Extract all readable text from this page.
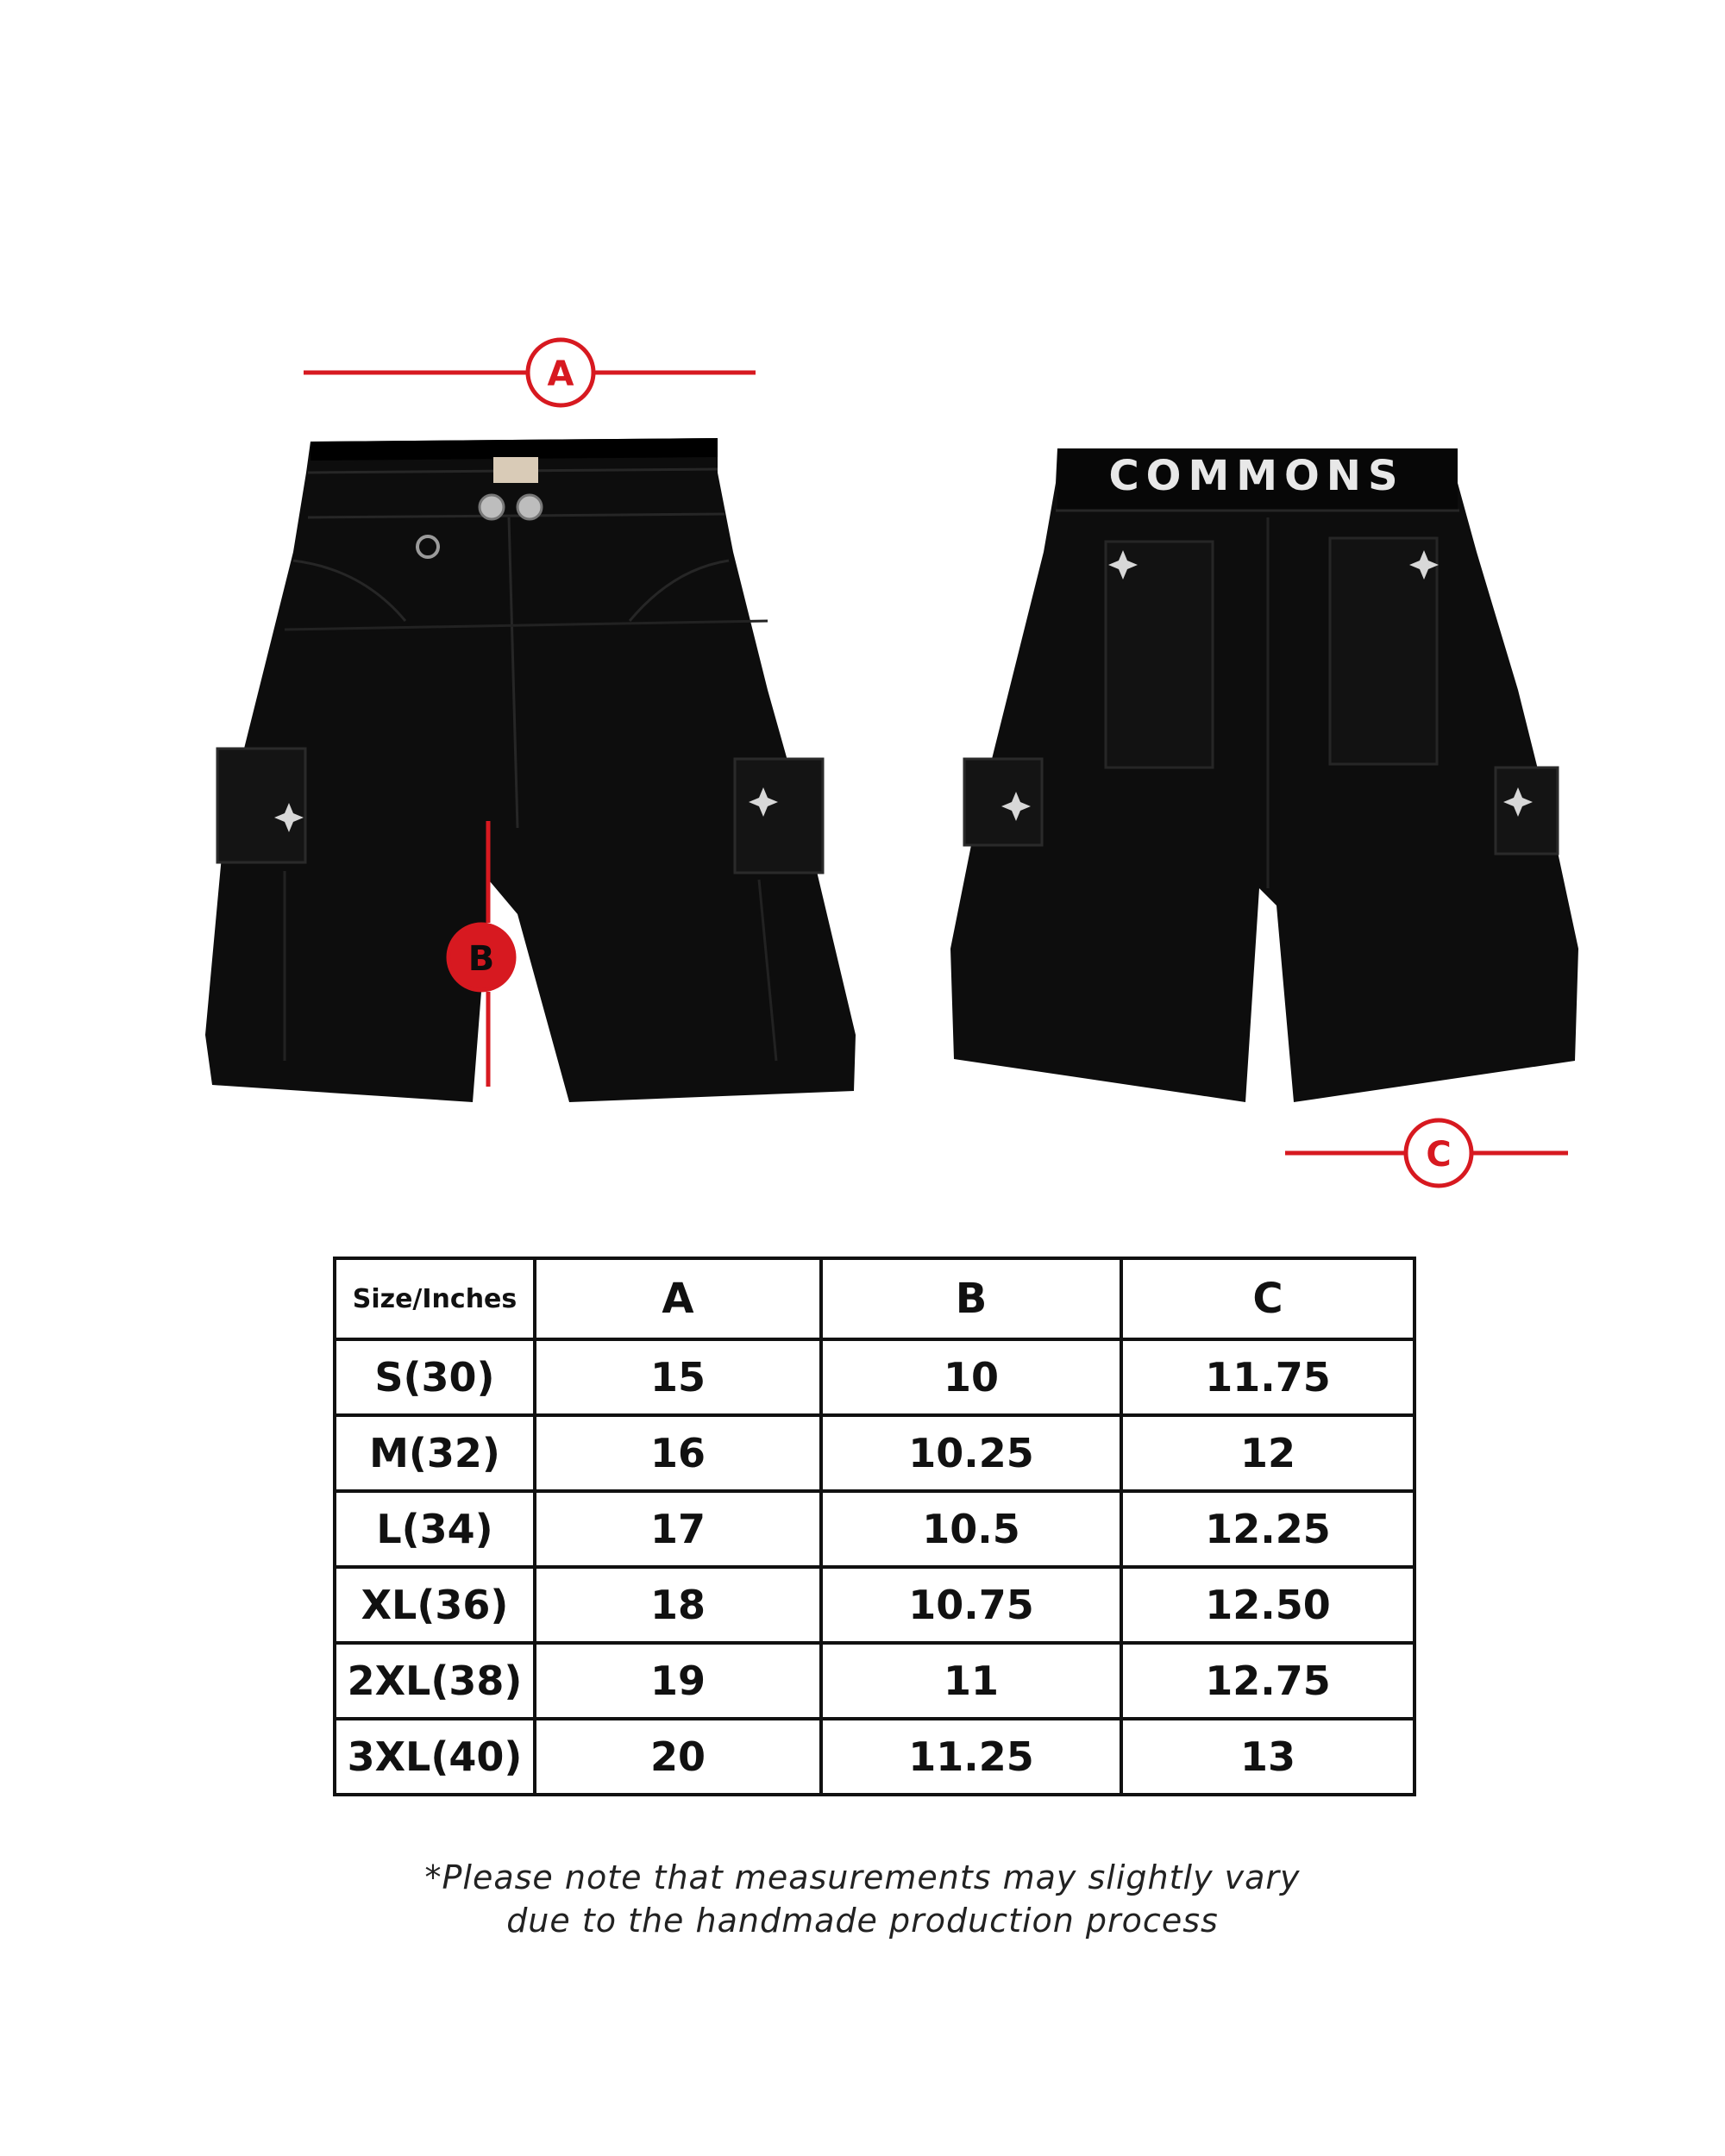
COMMONS
A
B
C
Size/Inches	A	B	C
S(30)	15	10	11.75
M(32)	16	10.25	12
L(34)	17	10.5	12.25
XL(36)	18	10.75	12.50
2XL(38)	19	11	12.75
3XL(40)	20	11.25	13
*Please note that measurements may slightly vary
due to the handmade production process
